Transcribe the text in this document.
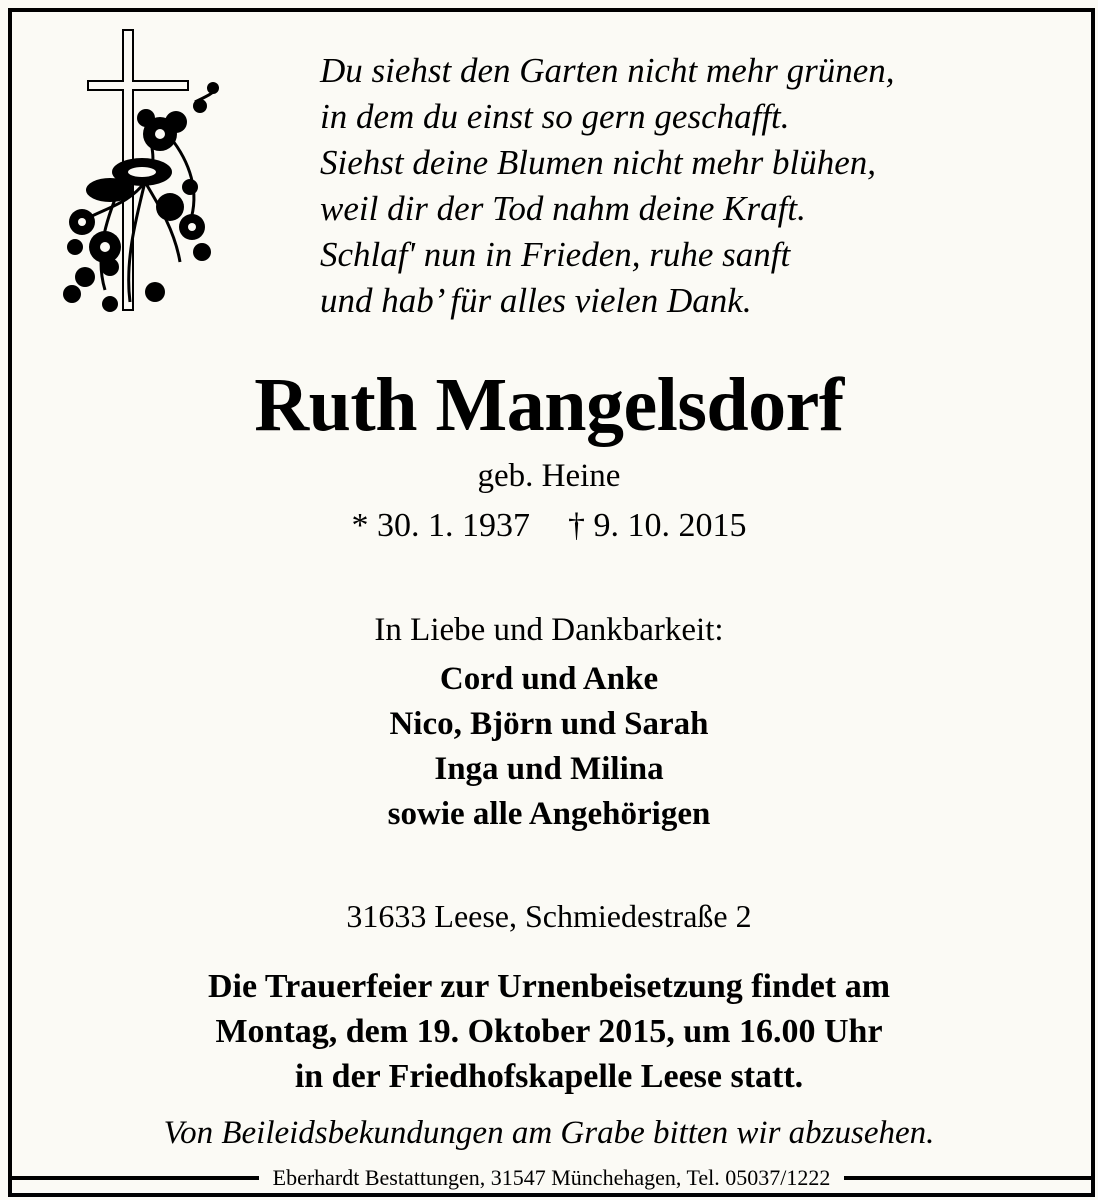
Du siehst den Garten nicht mehr grünen,
in dem du einst so gern geschafft.
Siehst deine Blumen nicht mehr blühen,
weil dir der Tod nahm deine Kraft.
Schlaf' nun in Frieden, ruhe sanft
und hab’ für alles vielen Dank.
Ruth Mangelsdorf
geb. Heine
* 30. 1. 1937 † 9. 10. 2015
In Liebe und Dankbarkeit:
Cord und Anke
Nico, Björn und Sarah
Inga und Milina
sowie alle Angehörigen
31633 Leese, Schmiedestraße 2
Die Trauerfeier zur Urnenbeisetzung findet am
Montag, dem 19. Oktober 2015, um 16.00 Uhr
in der Friedhofskapelle Leese statt.
Von Beileidsbekundungen am Grabe bitten wir abzusehen.
Eberhardt Bestattungen, 31547 Münchehagen, Tel. 05037/1222
